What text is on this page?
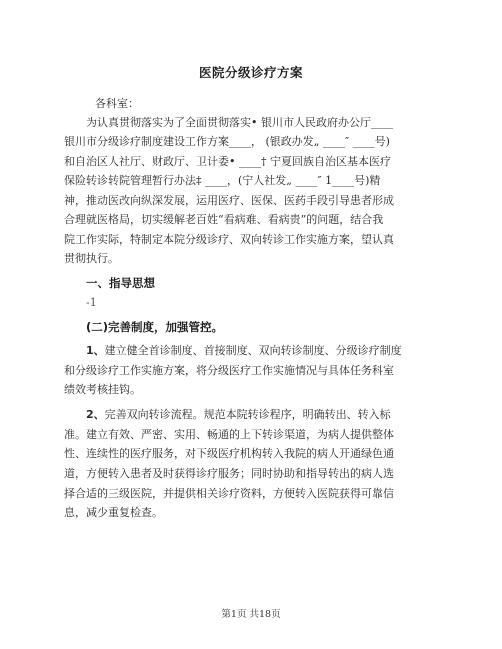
医院分级诊疗方案
各科室：
为认真贯彻落实为了全面贯彻落实• 银川市人民政府办公厅____
银川市分级诊疗制度建设工作方案____， (银政办发„ ____″ ____号)
和自治区人社厅、财政厅、卫计委• ____† 宁夏回族自治区基本医疗
保险转诊转院管理暂行办法‡ ____，(宁人社发„ ____″ 1____号)精
神，推动医改向纵深发展，运用医疗、医保、医药手段引导患者形成
合理就医格局，切实缓解老百姓“看病难、看病贵”的问题，结合我
院工作实际，特制定本院分级诊疗、双向转诊工作实施方案，望认真
贯彻执行。
一、指导思想
-1
(二)完善制度，加强管控。
1、建立健全首诊制度、首接制度、双向转诊制度、分级诊疗制度
和分级诊疗工作实施方案，将分级医疗工作实施情况与具体任务科室
绩效考核挂钩。
2、完善双向转诊流程。规范本院转诊程序，明确转出、转入标
准。建立有效、严密、实用、畅通的上下转诊渠道，为病人提供整体
性、连续性的医疗服务，对下级医疗机构转入我院的病人开通绿色通
道，方便转入患者及时获得诊疗服务；同时协助和指导转出的病人选
择合适的三级医院，并提供相关诊疗资料，方便转入医院获得可靠信
息，减少重复检查。
第1页 共18页
